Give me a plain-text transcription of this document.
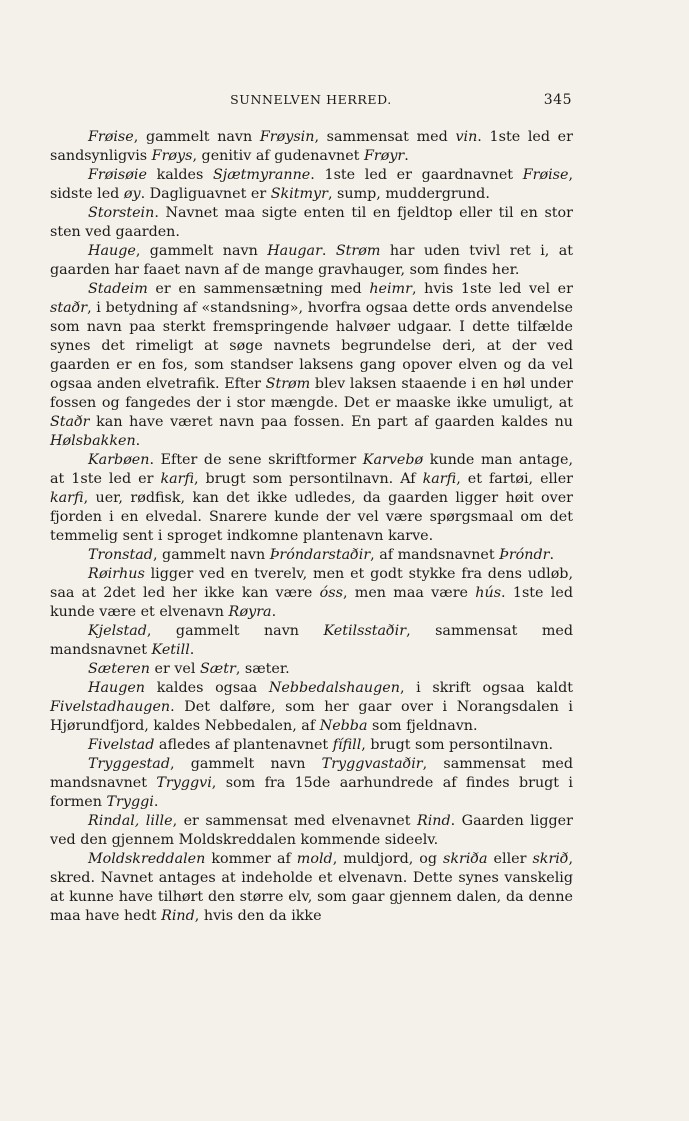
SUNNELVEN HERRED.	345

Frøise, gammelt navn Frøysin, sammensat med vin. 1ste led er sandsynligvis Frøys, genitiv af gudenavnet Frøyr.

Frøisøie kaldes Sjætmyranne. 1ste led er gaardnavnet Frøise, sidste led øy. Dagliguavnet er Skitmyr, sump, muddergrund.

Storstein. Navnet maa sigte enten til en fjeldtop eller til en stor sten ved gaarden.

Hauge, gammelt navn Haugar. Strøm har uden tvivl ret i, at gaarden har faaet navn af de mange gravhauger, som findes her.

Stadeim er en sammensætning med heimr, hvis 1ste led vel er staðr, i betydning af «standsning», hvorfra ogsaa dette ords anvendelse som navn paa sterkt fremspringende halvøer udgaar. I dette tilfælde synes det rimeligt at søge navnets begrundelse deri, at der ved gaarden er en fos, som standser laksens gang opover elven og da vel ogsaa anden elvetrafik. Efter Strøm blev laksen staaende i en høl under fossen og fangedes der i stor mængde. Det er maaske ikke umuligt, at Staðr kan have været navn paa fossen. En part af gaarden kaldes nu Hølsbakken.

Karbøen. Efter de sene skriftformer Karvebø kunde man antage, at 1ste led er karfi, brugt som persontilnavn. Af karfi, et fartøi, eller karfi, uer, rødfisk, kan det ikke udledes, da gaarden ligger høit over fjorden i en elvedal. Snarere kunde der vel være spørgsmaal om det temmelig sent i sproget indkomne plantenavn karve.

Tronstad, gammelt navn Þróndarstaðir, af mandsnavnet Þróndr.

Røirhus ligger ved en tverelv, men et godt stykke fra dens udløb, saa at 2det led her ikke kan være óss, men maa være hús. 1ste led kunde være et elvenavn Røyra.

Kjelstad, gammelt navn Ketilsstaðir, sammensat med mandsnavnet Ketill.

Sæteren er vel Sætr, sæter.

Haugen kaldes ogsaa Nebbedalshaugen, i skrift ogsaa kaldt Fivelstadhaugen. Det dalføre, som her gaar over i Norangsdalen i Hjørundfjord, kaldes Nebbedalen, af Nebba som fjeldnavn.

Fivelstad afledes af plantenavnet fífill, brugt som persontilnavn.

Tryggestad, gammelt navn Tryggvastaðir, sammensat med mandsnavnet Tryggvi, som fra 15de aarhundrede af findes brugt i formen Tryggi.

Rindal, lille, er sammensat med elvenavnet Rind. Gaarden ligger ved den gjennem Moldskreddalen kommende sideelv.

Moldskreddalen kommer af mold, muldjord, og skriða eller skrið, skred. Navnet antages at indeholde et elvenavn. Dette synes vanskelig at kunne have tilhørt den større elv, som gaar gjennem dalen, da denne maa have hedt Rind, hvis den da ikke
